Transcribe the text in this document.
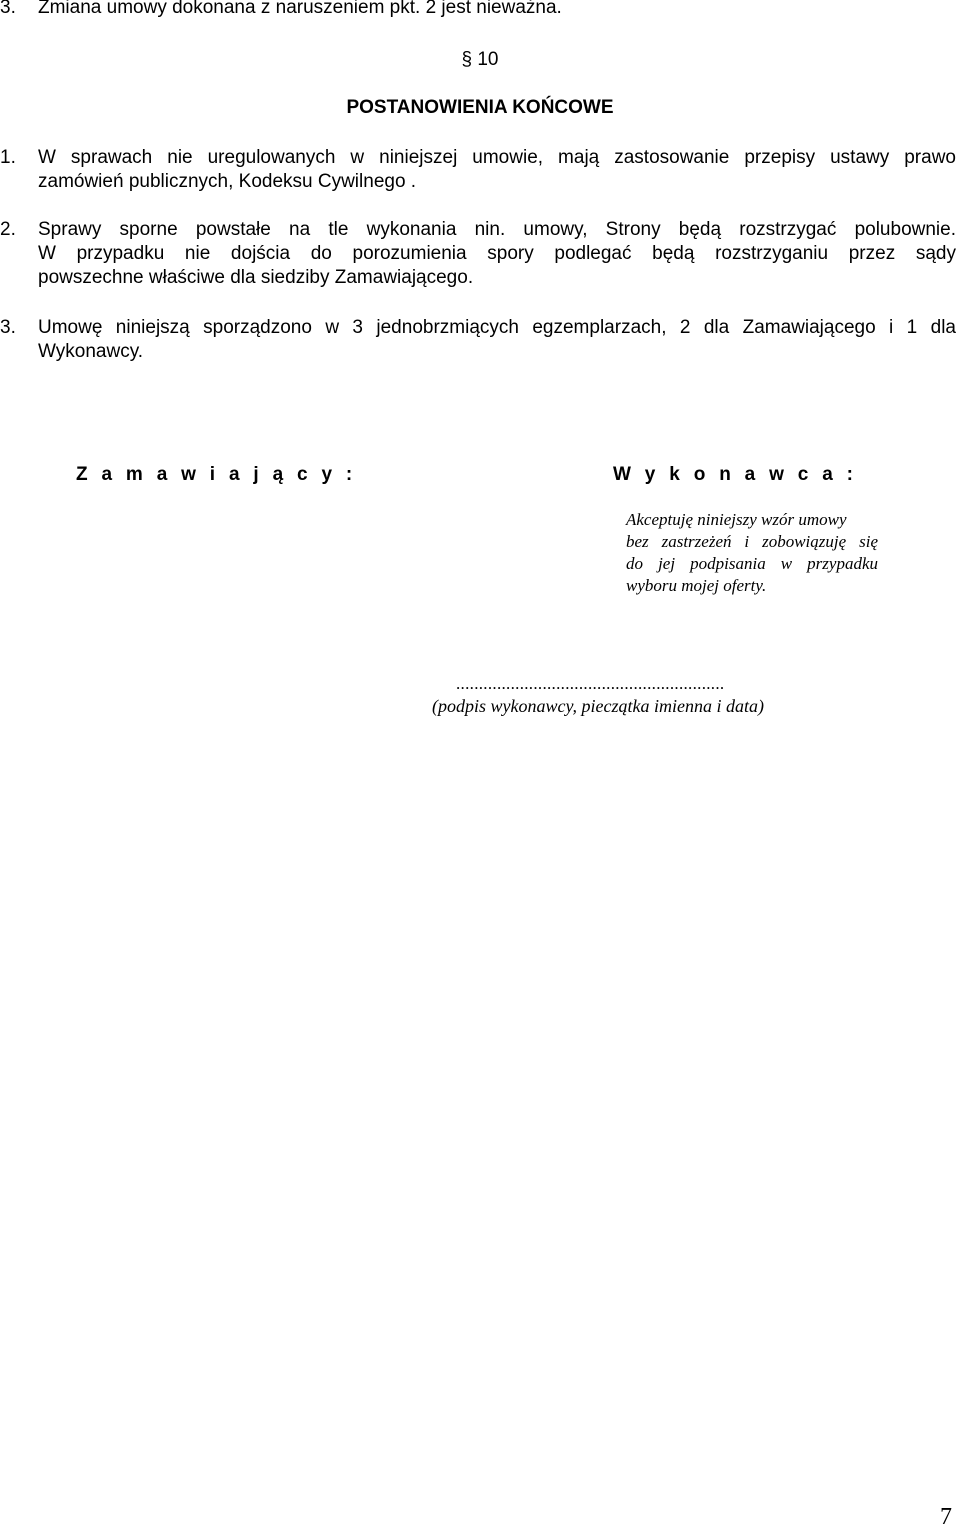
3. Zmiana umowy dokonana z naruszeniem pkt. 2 jest nieważna.
§ 10
POSTANOWIENIA KOŃCOWE
1. W sprawach nie uregulowanych w niniejszej umowie, mają zastosowanie przepisy ustawy prawo
zamówień publicznych, Kodeksu Cywilnego .
2. Sprawy sporne powstałe na tle wykonania nin. umowy, Strony będą rozstrzygać polubownie.
W przypadku nie dojścia do porozumienia spory podlegać będą rozstrzyganiu przez sądy
powszechne właściwe dla siedziby Zamawiającego.
3. Umowę niniejszą sporządzono w 3 jednobrzmiących egzemplarzach, 2 dla Zamawiającego i 1 dla
Wykonawcy.
Z a m a w i a j ą c y :	W y k o n a w c a :
Akceptuję niniejszy wzór umowy
bez zastrzeżeń i zobowiązuję się
do jej podpisania w przypadku
wyboru mojej oferty.
...........................................................
(podpis wykonawcy, pieczątka imienna i data)
7
